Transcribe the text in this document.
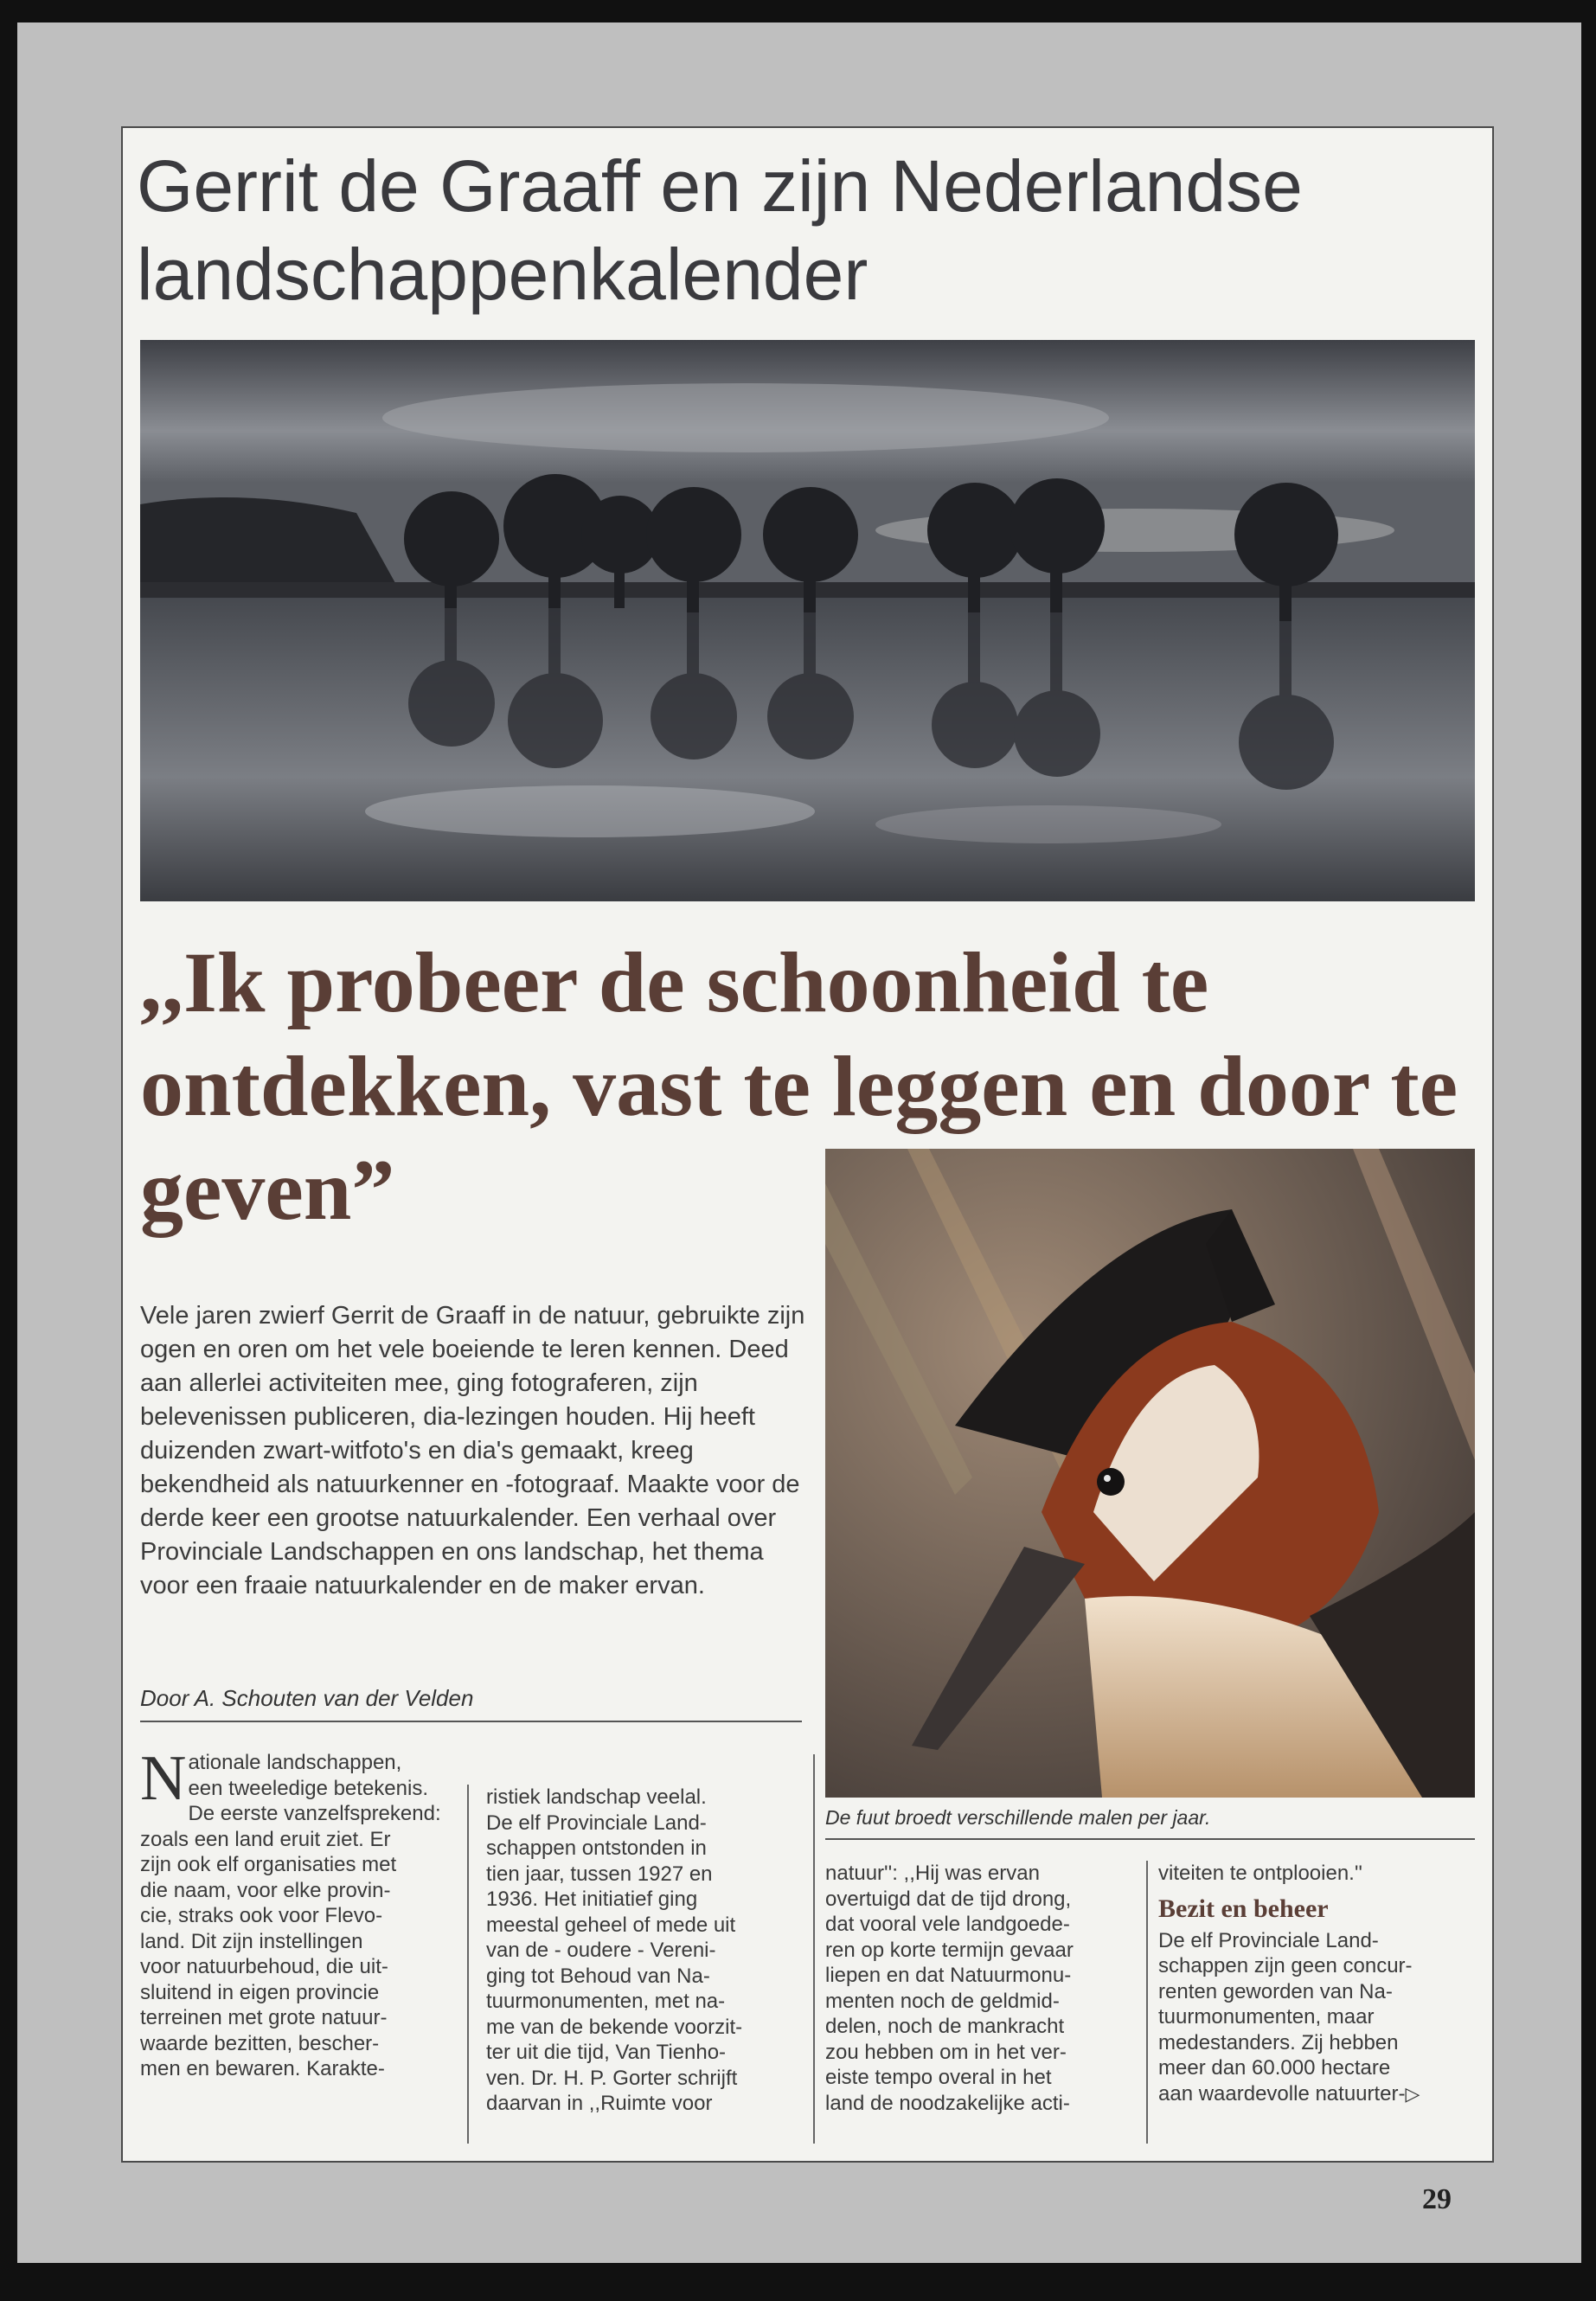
Gerrit de Graaff en zijn Nederlandse landschappenkalender
,,Ik probeer de schoonheid te ontdekken, vast te leggen en door te geven”

Vele jaren zwierf Gerrit de Graaff in de natuur, gebruikte zijn ogen en oren om het vele boeiende te leren kennen. Deed aan allerlei activiteiten mee, ging fotograferen, zijn belevenissen publiceren, dia-lezingen houden. Hij heeft duizenden zwart-witfoto's en dia's gemaakt, kreeg bekendheid als natuurkenner en -fotograaf. Maakte voor de derde keer een grootse natuurkalender. Een verhaal over Provinciale Landschappen en ons landschap, het thema voor een fraaie natuurkalender en de maker ervan.

Door A. Schouten van der Velden
De fuut broedt verschillende malen per jaar.
Nationale landschappen,
een tweeledige betekenis.
De eerste vanzelfsprekend:
zoals een land eruit ziet. Er
zijn ook elf organisaties met
die naam, voor elke provin-
cie, straks ook voor Flevo-
land. Dit zijn instellingen
voor natuurbehoud, die uit-
sluitend in eigen provincie
terreinen met grote natuur-
waarde bezitten, bescher-
men en bewaren. Karakte-
ristiek landschap veelal.
De elf Provinciale Land-
schappen ontstonden in
tien jaar, tussen 1927 en
1936. Het initiatief ging
meestal geheel of mede uit
van de - oudere - Vereni-
ging tot Behoud van Na-
tuurmonumenten, met na-
me van de bekende voorzit-
ter uit die tijd, Van Tienho-
ven. Dr. H. P. Gorter schrijft
daarvan in ,,Ruimte voor
natuur'': ,,Hij was ervan
overtuigd dat de tijd drong,
dat vooral vele landgoede-
ren op korte termijn gevaar
liepen en dat Natuurmonu-
menten noch de geldmid-
delen, noch de mankracht
zou hebben om in het ver-
eiste tempo overal in het
land de noodzakelijke acti-
viteiten te ontplooien.''
Bezit en beheer
De elf Provinciale Land-
schappen zijn geen concur-
renten geworden van Na-
tuurmonumenten, maar
medestanders. Zij hebben
meer dan 60.000 hectare
aan waardevolle natuurter-▷
29
